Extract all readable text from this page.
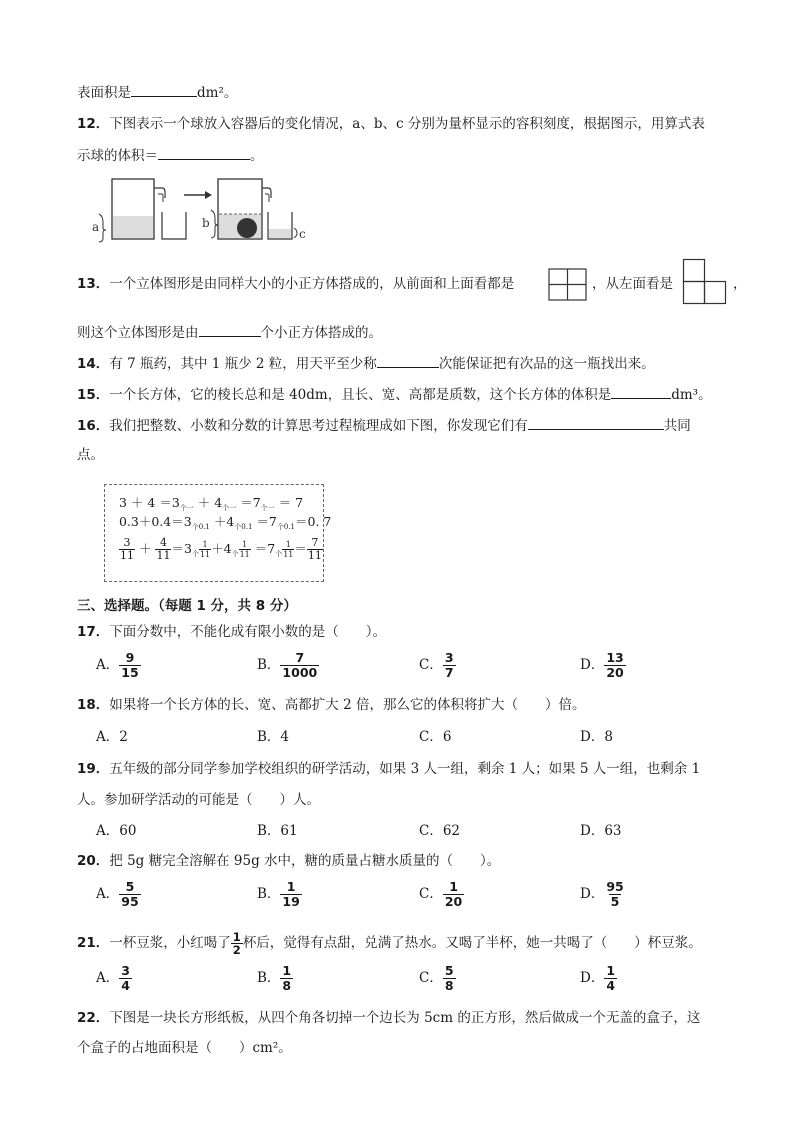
表面积是	dm²。
12．下图表示一个球放入容器后的变化情况，a、b、c 分别为量杯显示的容积刻度，根据图示，用算式表
示球的体积＝	。
a	b
c
13．一个立体图形是由同样大小的小正方体搭成的，从前面和上面看都是	，从左面看是	，
则这个立体图形是由	个小正方体搭成的。
14．有 7 瓶药，其中 1 瓶少 2 粒，用天平至少称	次能保证把有次品的这一瓶找出来。
15．一个长方体，它的棱长总和是 40dm，且长、宽、高都是质数，这个长方体的体积是	dm³。
16．我们把整数、小数和分数的计算思考过程梳理成如下图，你发现它们有	共同
点。
$3 + 4 =3_{个一} + 4_{个一} =7_{个一} = 7$
$0.3+0.4=3_{个0.1} +4_{个0.1} =7_{个0.1}=0$. 7
$\frac{3}{11} + \frac{4}{11} =3_个 \frac{1}{11} +4_个 \frac{1}{11} =7_个 \frac{1}{11} = \frac{7}{11}$
三、选择题。（每题 1 分，共 8 分）
17．下面分数中，不能化成有限小数的是（　　）。
A． $\frac{9}{15}$	B． $\frac{7}{1000}$	C． $\frac{3}{7}$	D． $\frac{13}{20}$
18．如果将一个长方体的长、宽、高都扩大 2 倍，那么它的体积将扩大（　　）倍。
A．2	B．4	C．6	D．8
19．五年级的部分同学参加学校组织的研学活动，如果 3 人一组，剩余 1 人；如果 5 人一组，也剩余 1
人。参加研学活动的可能是（　　）人。
A．60	B．61	C．62	D．63
20．把 5g 糖完全溶解在 95g 水中，糖的质量占糖水质量的（　　）。
A． $\frac{5}{95}$	B． $\frac{1}{19}$	C． $\frac{1}{20}$	D． $\frac{95}{5}$
21．一杯豆浆，小红喝了 $\frac{1}{2}$ 杯后，觉得有点甜，兑满了热水。又喝了半杯，她一共喝了（　　）杯豆浆。
A． $\frac{3}{4}$	B． $\frac{1}{8}$	C． $\frac{5}{8}$	D． $\frac{1}{4}$
22．下图是一块长方形纸板，从四个角各切掉一个边长为 5cm 的正方形，然后做成一个无盖的盒子，这
个盒子的占地面积是（　　）cm²。
